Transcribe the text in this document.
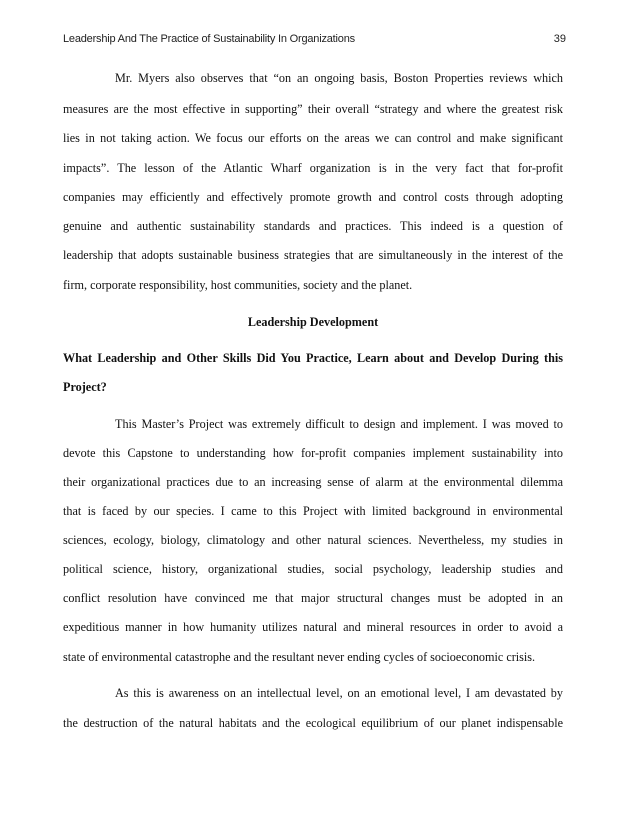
Leadership And The Practice of Sustainability In Organizations	39
Mr. Myers also observes that “on an ongoing basis, Boston Properties reviews which
measures are the most effective in supporting” their overall “strategy and where the greatest risk
lies in not taking action. We focus our efforts on the areas we can control and make significant
impacts”. The lesson of the Atlantic Wharf organization is in the very fact that for-profit
companies may efficiently and effectively promote growth and control costs through adopting
genuine and authentic sustainability standards and practices. This indeed is a question of
leadership that adopts sustainable business strategies that are simultaneously in the interest of the
firm, corporate responsibility, host communities, society and the planet.
Leadership Development
What Leadership and Other Skills Did You Practice, Learn about and Develop During this
Project?
This Master’s Project was extremely difficult to design and implement. I was moved to
devote this Capstone to understanding how for-profit companies implement sustainability into
their organizational practices due to an increasing sense of alarm at the environmental dilemma
that is faced by our species. I came to this Project with limited background in environmental
sciences, ecology, biology, climatology and other natural sciences. Nevertheless, my studies in
political science, history, organizational studies, social psychology, leadership studies and
conflict resolution have convinced me that major structural changes must be adopted in an
expeditious manner in how humanity utilizes natural and mineral resources in order to avoid a
state of environmental catastrophe and the resultant never ending cycles of socioeconomic crisis.
As this is awareness on an intellectual level, on an emotional level, I am devastated by
the destruction of the natural habitats and the ecological equilibrium of our planet indispensable
